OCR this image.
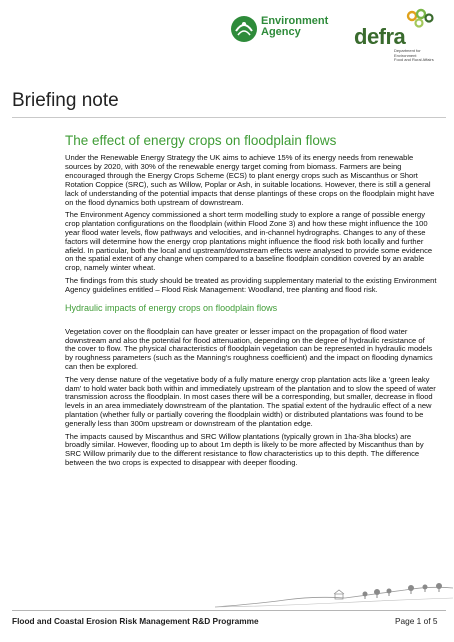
Environment
Agency	defra
Department for Environment
Food and Rural Affairs
Briefing note
The effect of energy crops on floodplain flows

Under the Renewable Energy Strategy the UK aims to achieve 15% of its energy needs from renewable sources by 2020, with 30% of the renewable energy target coming from biomass. Farmers are being encouraged through the Energy Crops Scheme (ECS) to plant energy crops such as Miscanthus or Short Rotation Coppice (SRC), such as Willow, Poplar or Ash, in suitable locations. However, there is still a general lack of understanding of the potential impacts that dense plantings of these crops on the floodplain might have on the flood dynamics both upstream of downstream.

The Environment Agency commissioned a short term modelling study to explore a range of possible energy crop plantation configurations on the floodplain (within Flood Zone 3) and how these might influence the 100 year flood water levels, flow pathways and velocities, and in-channel hydrographs. Changes to any of these factors will determine how the energy crop plantations might influence the flood risk both locally and further afield. In particular, both the local and upstream/downstream effects were analysed to provide some evidence on the spatial extent of any change when compared to a baseline floodplain condition covered by an arable crop, namely winter wheat.

The findings from this study should be treated as providing supplementary material to the existing Environment Agency guidelines entitled – Flood Risk Management: Woodland, tree planting and flood risk.

Hydraulic impacts of energy crops on floodplain flows

Vegetation cover on the floodplain can have greater or lesser impact on the propagation of flood water downstream and also the potential for flood attenuation, depending on the degree of hydraulic resistance of the cover to flow. The physical characteristics of floodplain vegetation can be represented in hydraulic models by roughness parameters (such as the Manning's roughness coefficient) and the impact on flooding dynamics can then be explored.

The very dense nature of the vegetative body of a fully mature energy crop plantation acts like a 'green leaky dam' to hold water back both within and immediately upstream of the plantation and to slow the speed of water transmission across the floodplain. In most cases there will be a corresponding, but smaller, decrease in flood levels in an area immediately downstream of the plantation. The spatial extent of the hydraulic effect of a new plantation (whether fully or partially covering the floodplain width) or distributed plantations was found to be generally less than 300m upstream or downstream of the plantation edge.

The impacts caused by Miscanthus and SRC Willow plantations (typically grown in 1ha-3ha blocks) are broadly similar. However, flooding up to about 1m depth is likely to be more affected by Miscanthus than by SRC Willow primarily due to the different resistance to flow characteristics up to this depth. The difference between the two crops is expected to disappear with deeper flooding.

Flood and Coastal Erosion Risk Management R&D Programme	Page 1 of 5
